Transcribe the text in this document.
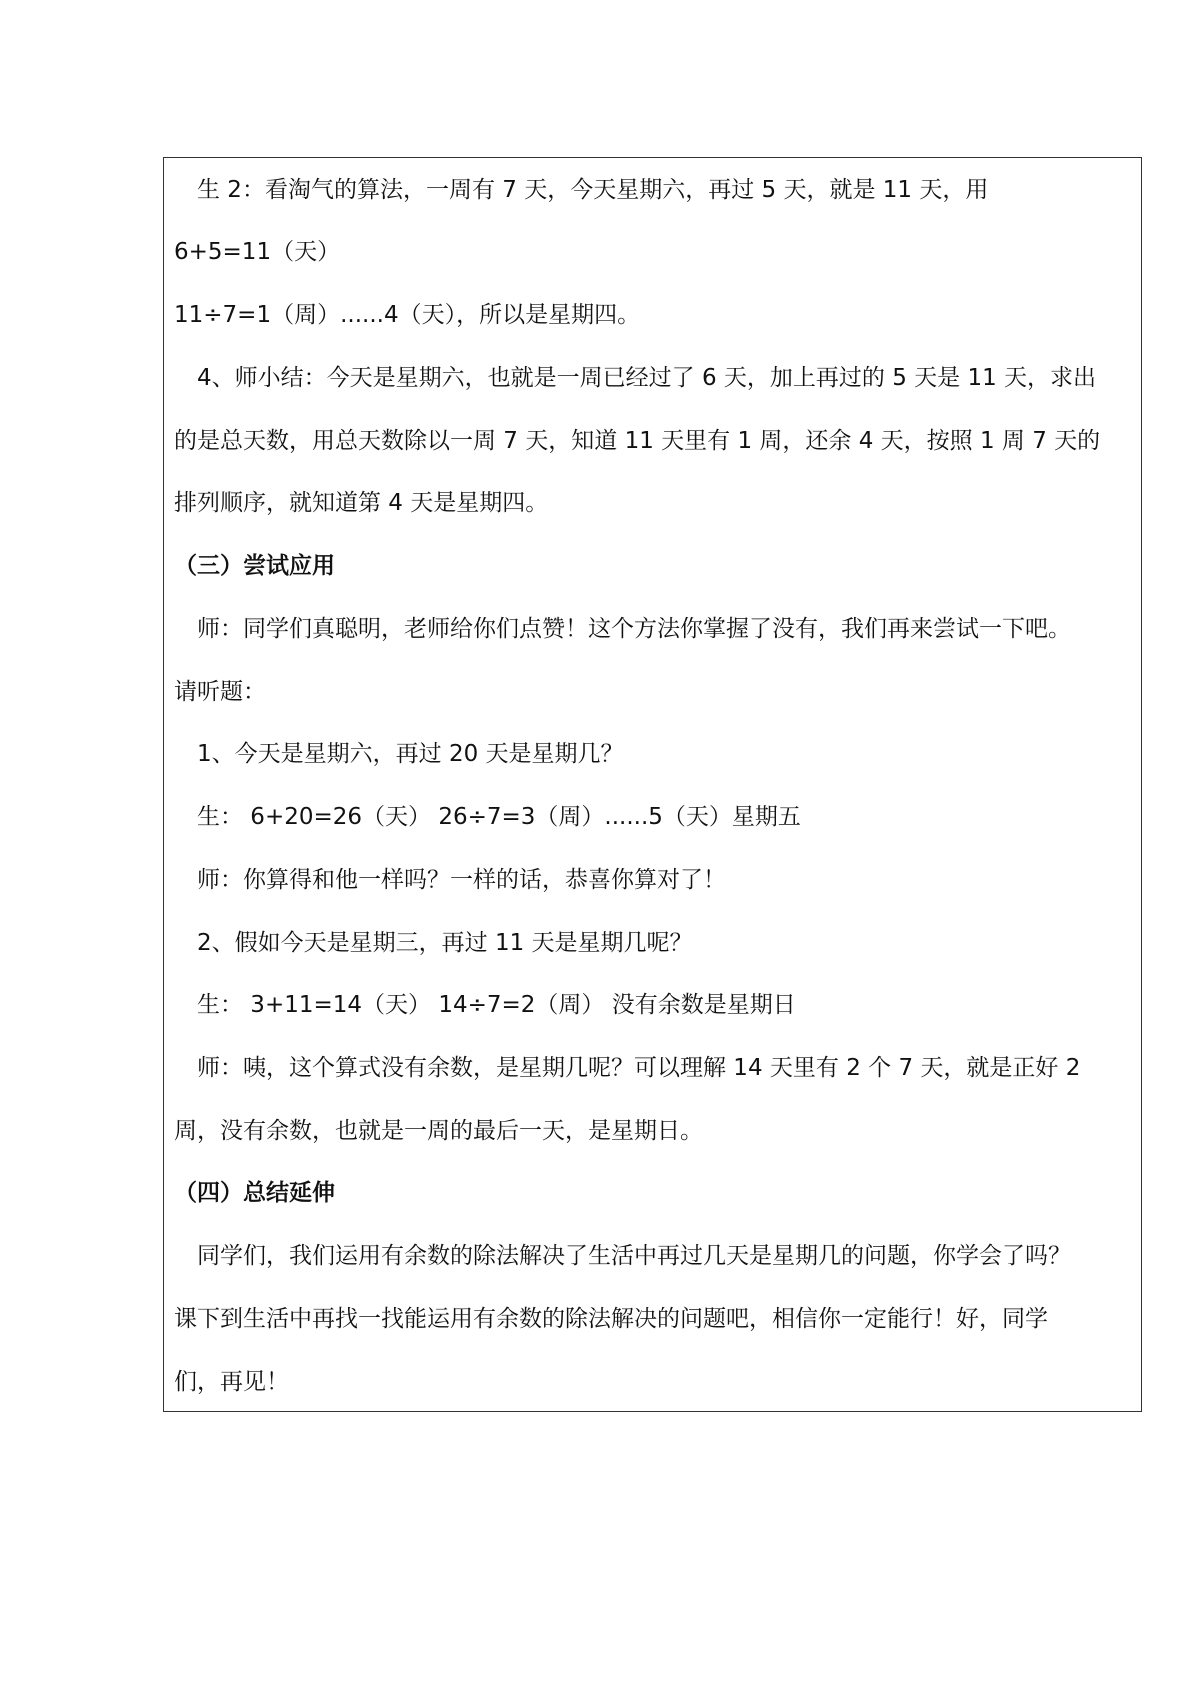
　生 2：看淘气的算法，一周有 7 天，今天星期六，再过 5 天，就是 11 天，用
6+5=11（天）
11÷7=1（周）......4（天），所以是星期四。
　4、师小结：今天是星期六，也就是一周已经过了 6 天，加上再过的 5 天是 11 天，求出
的是总天数，用总天数除以一周 7 天，知道 11 天里有 1 周，还余 4 天，按照 1 周 7 天的
排列顺序，就知道第 4 天是星期四。
（三）尝试应用
　师：同学们真聪明，老师给你们点赞！这个方法你掌握了没有，我们再来尝试一下吧。
请听题：
　1、今天是星期六，再过 20 天是星期几？
　生： 6+20=26（天） 26÷7=3（周）......5（天）星期五
　师：你算得和他一样吗？一样的话，恭喜你算对了！
　2、假如今天是星期三，再过 11 天是星期几呢？
　生： 3+11=14（天） 14÷7=2（周） 没有余数是星期日
　师：咦，这个算式没有余数，是星期几呢？可以理解 14 天里有 2 个 7 天，就是正好 2
周，没有余数，也就是一周的最后一天，是星期日。
（四）总结延伸
　同学们，我们运用有余数的除法解决了生活中再过几天是星期几的问题，你学会了吗？
课下到生活中再找一找能运用有余数的除法解决的问题吧，相信你一定能行！好，同学
们，再见！
